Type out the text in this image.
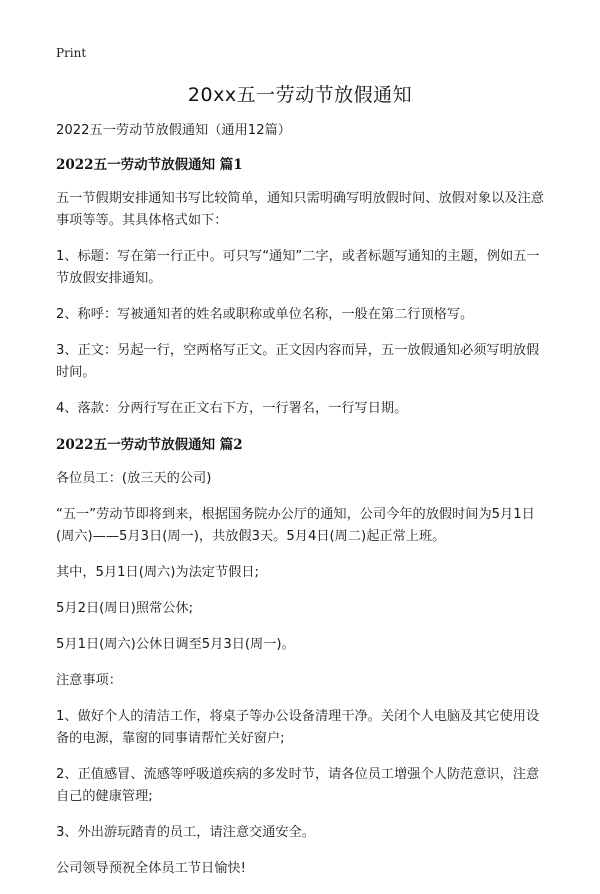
Print
20xx五一劳动节放假通知
2022五一劳动节放假通知（通用12篇）
2022五一劳动节放假通知 篇1
五一节假期安排通知书写比较简单，通知只需明确写明放假时间、放假对象以及注意事项等等。其具体格式如下：
1、标题：写在第一行正中。可只写“通知”二字，或者标题写通知的主题，例如五一节放假安排通知。
2、称呼：写被通知者的姓名或职称或单位名称，一般在第二行顶格写。
3、正文：另起一行，空两格写正文。正文因内容而异，五一放假通知必须写明放假时间。
4、落款：分两行写在正文右下方，一行署名，一行写日期。
2022五一劳动节放假通知 篇2
各位员工：(放三天的公司)
“五一”劳动节即将到来，根据国务院办公厅的通知，公司今年的放假时间为5月1日(周六)——5月3日(周一)，共放假3天。5月4日(周二)起正常上班。
其中，5月1日(周六)为法定节假日;
5月2日(周日)照常公休;
5月1日(周六)公休日调至5月3日(周一)。
注意事项：
1、做好个人的清洁工作，将桌子等办公设备清理干净。关闭个人电脑及其它使用设备的电源，靠窗的同事请帮忙关好窗户;
2、正值感冒、流感等呼吸道疾病的多发时节，请各位员工增强个人防范意识，注意自己的健康管理;
3、外出游玩踏青的员工，请注意交通安全。
公司领导预祝全体员工节日愉快!
